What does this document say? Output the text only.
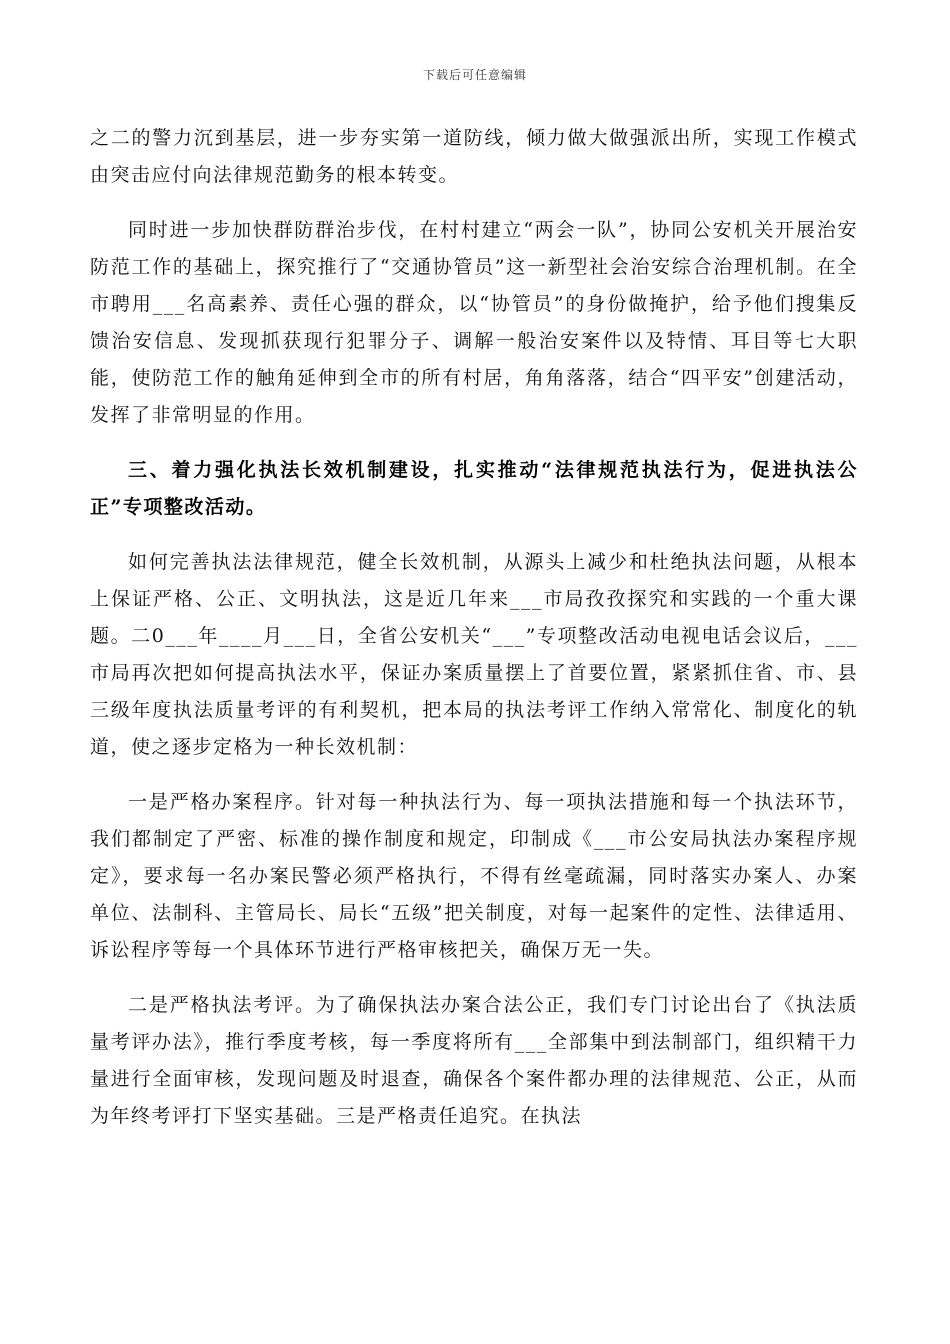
下载后可任意编辑

之二的警力沉到基层，进一步夯实第一道防线，倾力做大做强派出所，实现工作模式由突击应付向法律规范勤务的根本转变。

同时进一步加快群防群治步伐，在村村建立“两会一队”，协同公安机关开展治安防范工作的基础上，探究推行了“交通协管员”这一新型社会治安综合治理机制。在全市聘用___名高素养、责任心强的群众，以“协管员”的身份做掩护，给予他们搜集反馈治安信息、发现抓获现行犯罪分子、调解一般治安案件以及特情、耳目等七大职能，使防范工作的触角延伸到全市的所有村居，角角落落，结合“四平安”创建活动，发挥了非常明显的作用。

三、着力强化执法长效机制建设，扎实推动“法律规范执法行为，促进执法公正”专项整改活动。

如何完善执法法律规范，健全长效机制，从源头上减少和杜绝执法问题，从根本上保证严格、公正、文明执法，这是近几年来___市局孜孜探究和实践的一个重大课题。二0___年____月___日，全省公安机关“___”专项整改活动电视电话会议后，___市局再次把如何提高执法水平，保证办案质量摆上了首要位置，紧紧抓住省、市、县三级年度执法质量考评的有利契机，把本局的执法考评工作纳入常常化、制度化的轨道，使之逐步定格为一种长效机制：

一是严格办案程序。针对每一种执法行为、每一项执法措施和每一个执法环节，我们都制定了严密、标准的操作制度和规定，印制成《___市公安局执法办案程序规定》，要求每一名办案民警必须严格执行，不得有丝毫疏漏，同时落实办案人、办案单位、法制科、主管局长、局长“五级”把关制度，对每一起案件的定性、法律适用、诉讼程序等每一个具体环节进行严格审核把关，确保万无一失。

二是严格执法考评。为了确保执法办案合法公正，我们专门讨论出台了《执法质量考评办法》，推行季度考核，每一季度将所有___全部集中到法制部门，组织精干力量进行全面审核，发现问题及时退查，确保各个案件都办理的法律规范、公正，从而为年终考评打下坚实基础。三是严格责任追究。在执法
